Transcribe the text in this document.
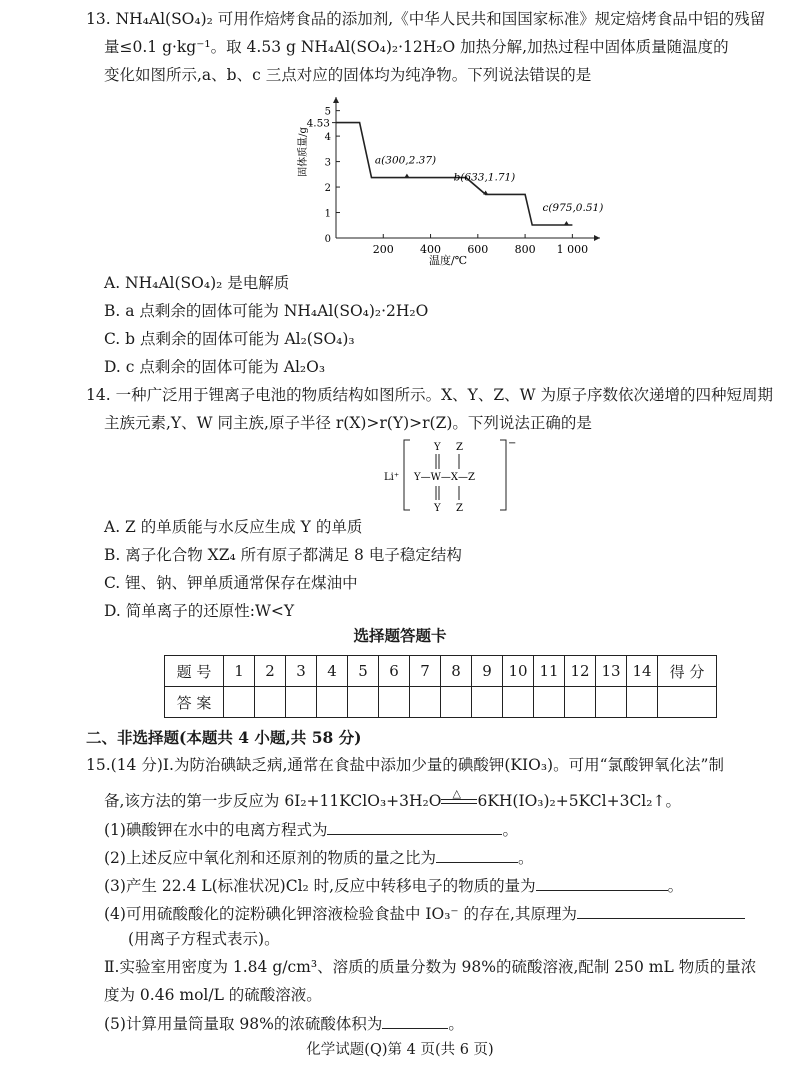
13. NH₄Al(SO₄)₂ 可用作焙烤食品的添加剂,《中华人民共和国国家标准》规定焙烤食品中铝的残留
量≤0.1 g·kg⁻¹。取 4.53 g NH₄Al(SO₄)₂·12H₂O 加热分解,加热过程中固体质量随温度的
变化如图所示,a、b、c 三点对应的固体均为纯净物。下列说法错误的是
200 400 600 800 1 000
0
1
2
3
4
5
4.53
a(300,2.37)
b(633,1.71)
c(975,0.51)
温度/℃
固体质量/g
A. NH₄Al(SO₄)₂ 是电解质
B. a 点剩余的固体可能为 NH₄Al(SO₄)₂·2H₂O
C. b 点剩余的固体可能为 Al₂(SO₄)₃
D. c 点剩余的固体可能为 Al₂O₃
14. 一种广泛用于锂离子电池的物质结构如图所示。X、Y、Z、W 为原子序数依次递增的四种短周期
主族元素,Y、W 同主族,原子半径 r(X)>r(Y)>r(Z)。下列说法正确的是
Li⁺
−
Y Z
Y—W—X—Z
Y Z
A. Z 的单质能与水反应生成 Y 的单质
B. 离子化合物 XZ₄ 所有原子都满足 8 电子稳定结构
C. 锂、钠、钾单质通常保存在煤油中
D. 简单离子的还原性:W<Y
选择题答题卡
题 号	1	2	3	4	5	6	7	8	9	10	11	12	13	14	得 分
答 案															
二、非选择题(本题共 4 小题,共 58 分)
15.(14 分)Ⅰ.为防治碘缺乏病,通常在食盐中添加少量的碘酸钾(KIO₃)。可用“氯酸钾氧化法”制
备,该方法的第一步反应为 6I₂+11KClO₃+3H₂O △ 6KH(IO₃)₂+5KCl+3Cl₂↑。
(1)碘酸钾在水中的电离方程式为	。
(2)上述反应中氧化剂和还原剂的物质的量之比为	。
(3)产生 22.4 L(标准状况)Cl₂ 时,反应中转移电子的物质的量为	。
(4)可用硫酸酸化的淀粉碘化钾溶液检验食盐中 IO₃⁻ 的存在,其原理为
(用离子方程式表示)。
Ⅱ.实验室用密度为 1.84 g/cm³、溶质的质量分数为 98%的硫酸溶液,配制 250 mL 物质的量浓
度为 0.46 mol/L 的硫酸溶液。
(5)计算用量筒量取 98%的浓硫酸体积为	。
化学试题(Q)第 4 页(共 6 页)
